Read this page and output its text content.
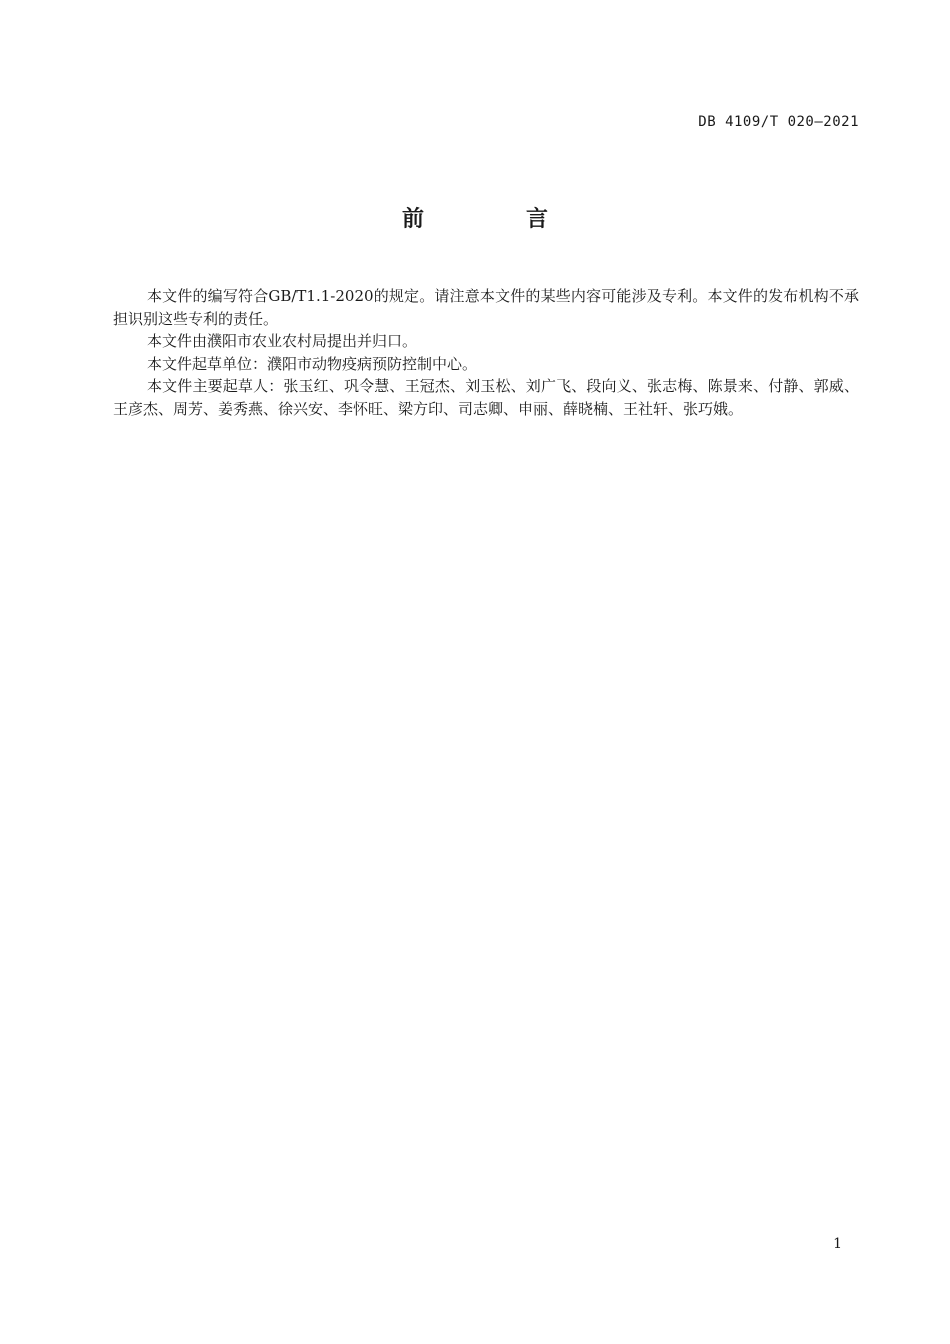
DB 4109/T 020—2021
前　言

本文件的编写符合GB/T1.1-2020的规定。请注意本文件的某些内容可能涉及专利。本文件的发布机构不承担识别这些专利的责任。

本文件由濮阳市农业农村局提出并归口。

本文件起草单位：濮阳市动物疫病预防控制中心。

本文件主要起草人：张玉红、巩令慧、王冠杰、刘玉松、刘广飞、段向义、张志梅、陈景来、付静、郭威、王彦杰、周芳、姜秀燕、徐兴安、李怀旺、梁方印、司志卿、申丽、薛晓楠、王社轩、张巧娥。

1
